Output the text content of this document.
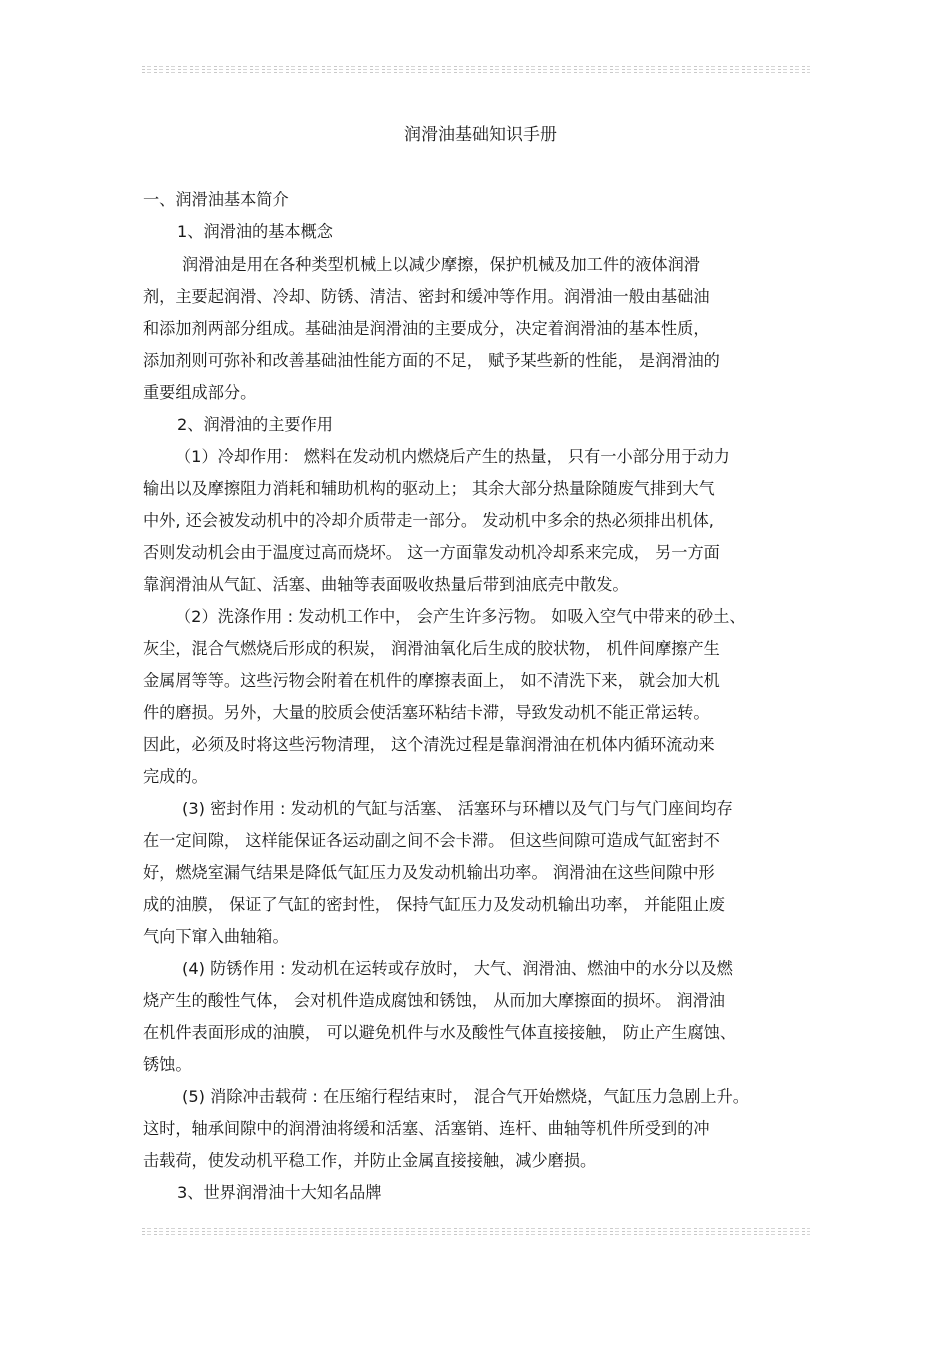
润滑油基础知识手册
一、润滑油基本简介
1、润滑油的基本概念
润滑油是用在各种类型机械上以减少摩擦，保护机械及加工件的液体润滑
剂，主要起润滑、冷却、防锈、清洁、密封和缓冲等作用。润滑油一般由基础油
和添加剂两部分组成。基础油是润滑油的主要成分，决定着润滑油的基本性质，
添加剂则可弥补和改善基础油性能方面的不足， 赋予某些新的性能， 是润滑油的
重要组成部分。
2、润滑油的主要作用
（1）冷却作用： 燃料在发动机内燃烧后产生的热量， 只有一小部分用于动力
输出以及摩擦阻力消耗和辅助机构的驱动上； 其余大部分热量除随废气排到大气
中外, 还会被发动机中的冷却介质带走一部分。 发动机中多余的热必须排出机体,
否则发动机会由于温度过高而烧坏。 这一方面靠发动机冷却系来完成， 另一方面
靠润滑油从气缸、活塞、曲轴等表面吸收热量后带到油底壳中散发。
（2）洗涤作用 : 发动机工作中， 会产生许多污物。 如吸入空气中带来的砂土、
灰尘，混合气燃烧后形成的积炭， 润滑油氧化后生成的胶状物， 机件间摩擦产生
金属屑等等。这些污物会附着在机件的摩擦表面上， 如不清洗下来， 就会加大机
件的磨损。另外，大量的胶质会使活塞环粘结卡滞，导致发动机不能正常运转。
因此，必须及时将这些污物清理， 这个清洗过程是靠润滑油在机体内循环流动来
完成的。
(3) 密封作用 : 发动机的气缸与活塞、 活塞环与环槽以及气门与气门座间均存
在一定间隙， 这样能保证各运动副之间不会卡滞。 但这些间隙可造成气缸密封不
好，燃烧室漏气结果是降低气缸压力及发动机输出功率。 润滑油在这些间隙中形
成的油膜， 保证了气缸的密封性， 保持气缸压力及发动机输出功率， 并能阻止废
气向下窜入曲轴箱。
(4) 防锈作用 : 发动机在运转或存放时， 大气、润滑油、燃油中的水分以及燃
烧产生的酸性气体， 会对机件造成腐蚀和锈蚀， 从而加大摩擦面的损坏。 润滑油
在机件表面形成的油膜， 可以避免机件与水及酸性气体直接接触， 防止产生腐蚀、
锈蚀。
(5) 消除冲击载荷 : 在压缩行程结束时， 混合气开始燃烧，气缸压力急剧上升。
这时，轴承间隙中的润滑油将缓和活塞、活塞销、连杆、曲轴等机件所受到的冲
击载荷，使发动机平稳工作，并防止金属直接接触，减少磨损。
3、世界润滑油十大知名品牌
